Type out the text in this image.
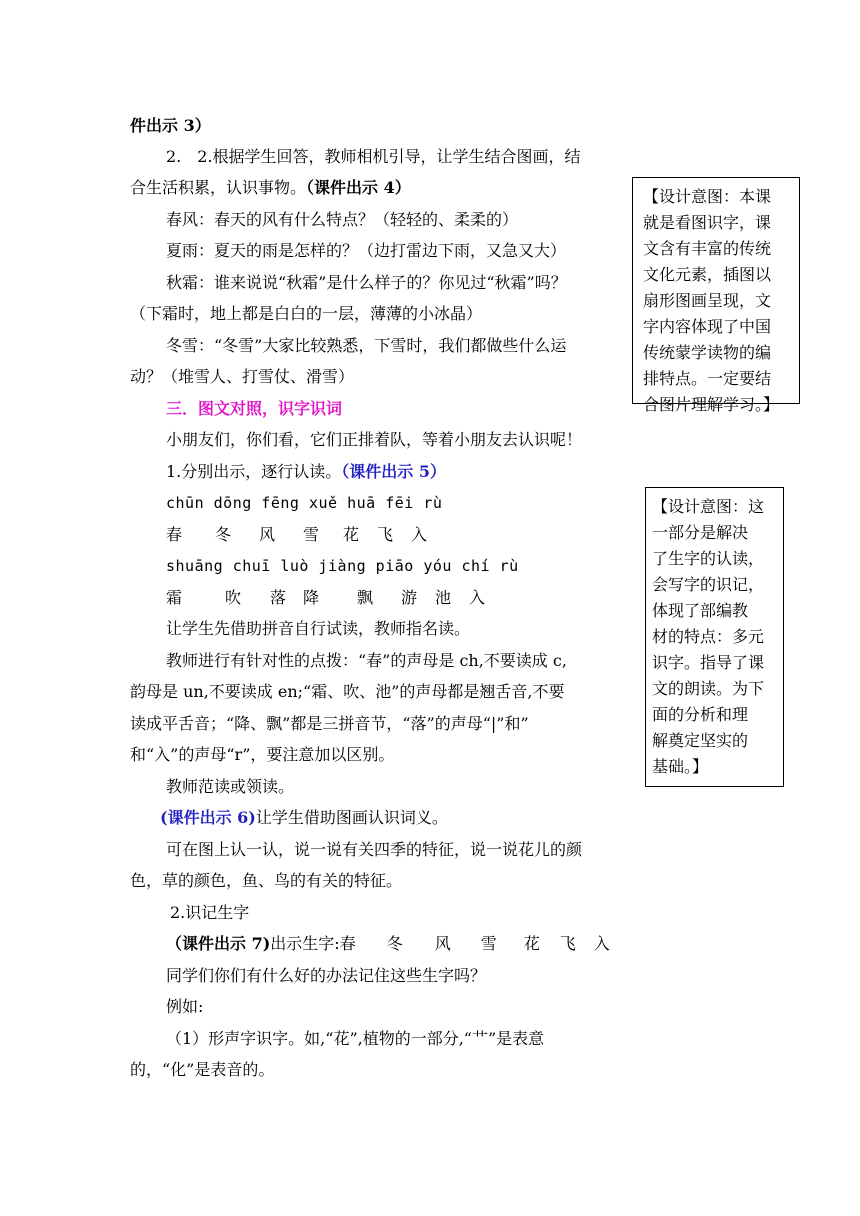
件出示 3）
2.　2.根据学生回答，教师相机引导，让学生结合图画，结
合生活积累，认识事物。（课件出示 4）
春风：春天的风有什么特点？（轻轻的、柔柔的）
夏雨：夏天的雨是怎样的？（边打雷边下雨，又急又大）
秋霜：谁来说说“秋霜”是什么样子的？你见过“秋霜”吗？
（下霜时，地上都是白白的一层，薄薄的小冰晶）
冬雪：“冬雪”大家比较熟悉，下雪时，我们都做些什么运
动？（堆雪人、打雪仗、滑雪）
三．图文对照，识字识词
小朋友们，你们看，它们正排着队，等着小朋友去认识呢！
1.分别出示，逐行认读。（课件出示 5）
chūn dōng fēng xuě huā fēi rù
春 冬 风 雪 花 飞 入
shuāng chuī luò jiàng piāo yóu chí rù
霜	吹 落 降 飘 游 池 入
让学生先借助拼音自行试读，教师指名读。
教师进行有针对性的点拨：“春”的声母是 ch,不要读成 c,
韵母是 un,不要读成 en;“霜、吹、池”的声母都是翘舌音,不要
读成平舌音；“降、飘”都是三拼音节，“落”的声母“|”和”
和“入”的声母“r”，要注意加以区别。
教师范读或领读。
(课件出示 6)让学生借助图画认识词义。
可在图上认一认，说一说有关四季的特征，说一说花儿的颜
色，草的颜色，鱼、鸟的有关的特征。
2.识记生字
（课件出示 7)出示生字:春 冬 风 雪 花 飞 入
同学们你们有什么好的办法记住这些生字吗？
例如:
（1）形声字识字。如,“花”,植物的一部分,“艹”是表意
的，“化”是表音的。
【设计意图：本课
就是看图识字，课
文含有丰富的传统
文化元素，插图以
扇形图画呈现，文
字内容体现了中国
传统蒙学读物的编
排特点。一定要结
合图片理解学习。】
【设计意图：这
一部分是解决
了生字的认读，
会写字的识记，
体现了部编教
材的特点：多元
识字。指导了课
文的朗读。为下
面的分析和理
解奠定坚实的
基础。】
